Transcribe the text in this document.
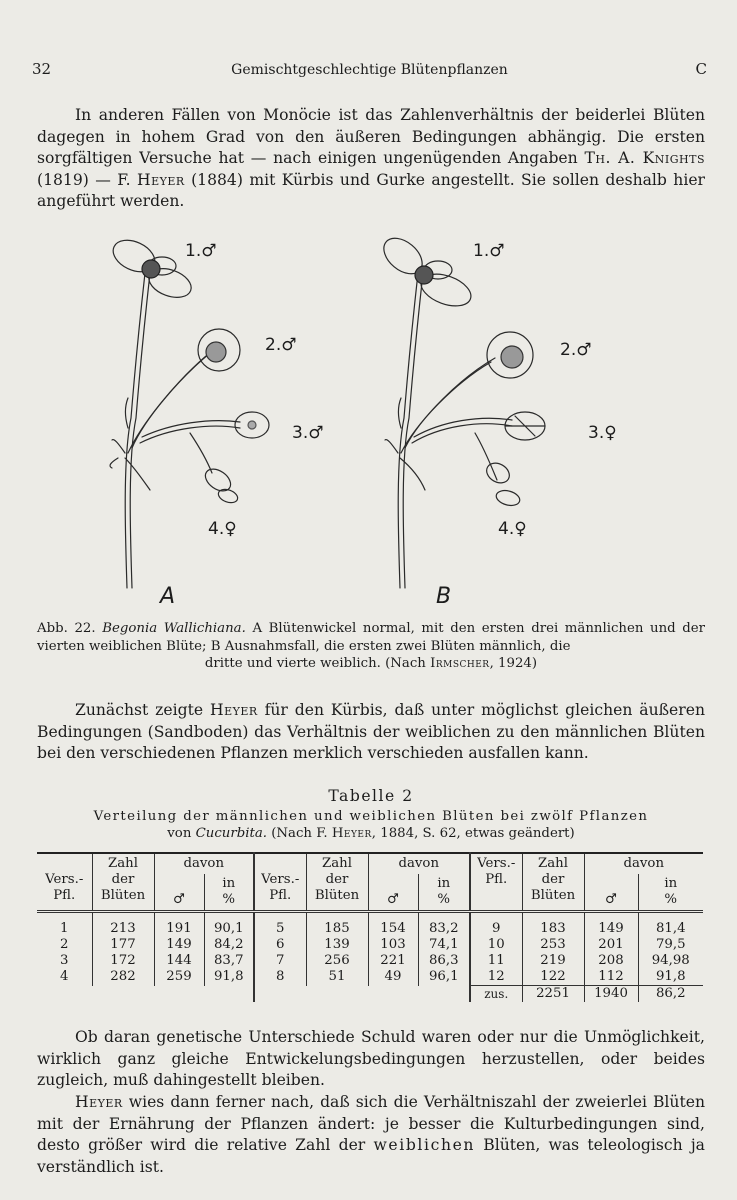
32	Gemischtgeschlechtige Blütenpflanzen	C

In anderen Fällen von Monöcie ist das Zahlenverhältnis der beiderlei Blüten dagegen in hohem Grad von den äußeren Bedingungen abhängig. Die ersten sorgfältigen Versuche hat — nach einigen ungenügenden Angaben Th. A. Knights (1819) — F. Heyer (1884) mit Kürbis und Gurke angestellt. Sie sollen deshalb hier angeführt werden.

1.♂
2.♂
3.♂
4.♀
1.♂
2.♂
3.♀
4.♀
A	B
Abb. 22. Begonia Wallichiana. A Blütenwickel normal, mit den ersten drei männlichen und der vierten weiblichen Blüte; B Ausnahmsfall, die ersten zwei Blüten männlich, die
dritte und vierte weiblich. (Nach Irmscher, 1924)

Zunächst zeigte Heyer für den Kürbis, daß unter möglichst gleichen äußeren Bedingungen (Sandboden) das Verhältnis der weiblichen zu den männlichen Blüten bei den verschiedenen Pflanzen merklich verschieden ausfallen kann.

Tabelle 2
Verteilung der männlichen und weiblichen Blüten bei zwölf Pflanzen
von Cucurbita. (Nach F. Heyer, 1884, S. 62, etwas geändert)

Vers.-
Pfl.	Zahl
der
Blüten	davon		Vers.-
Pfl.	Zahl
der
Blüten	davon		Vers.-
Pfl.	Zahl
der
Blüten	davon	

♂	in
%			♂	in
%			♂	in
%
1	213	191	90,1	5	185	154	83,2	9	183	149	81,4
2	177	149	84,2	6	139	103	74,1	10	253	201	79,5
3	172	144	83,7	7	256	221	86,3	11	219	208	94,98
4	282	259	91,8	8	51	49	96,1	12	122	112	91,8
								zus.	2251	1940	86,2

Ob daran genetische Unterschiede Schuld waren oder nur die Unmöglichkeit, wirklich ganz gleiche Entwickelungsbedingungen herzustellen, oder beides zugleich, muß dahingestellt bleiben.

Heyer wies dann ferner nach, daß sich die Verhältniszahl der zweierlei Blüten mit der Ernährung der Pflanzen ändert: je besser die Kulturbedingungen sind, desto größer wird die relative Zahl der weiblichen Blüten, was teleologisch ja verständlich ist.
